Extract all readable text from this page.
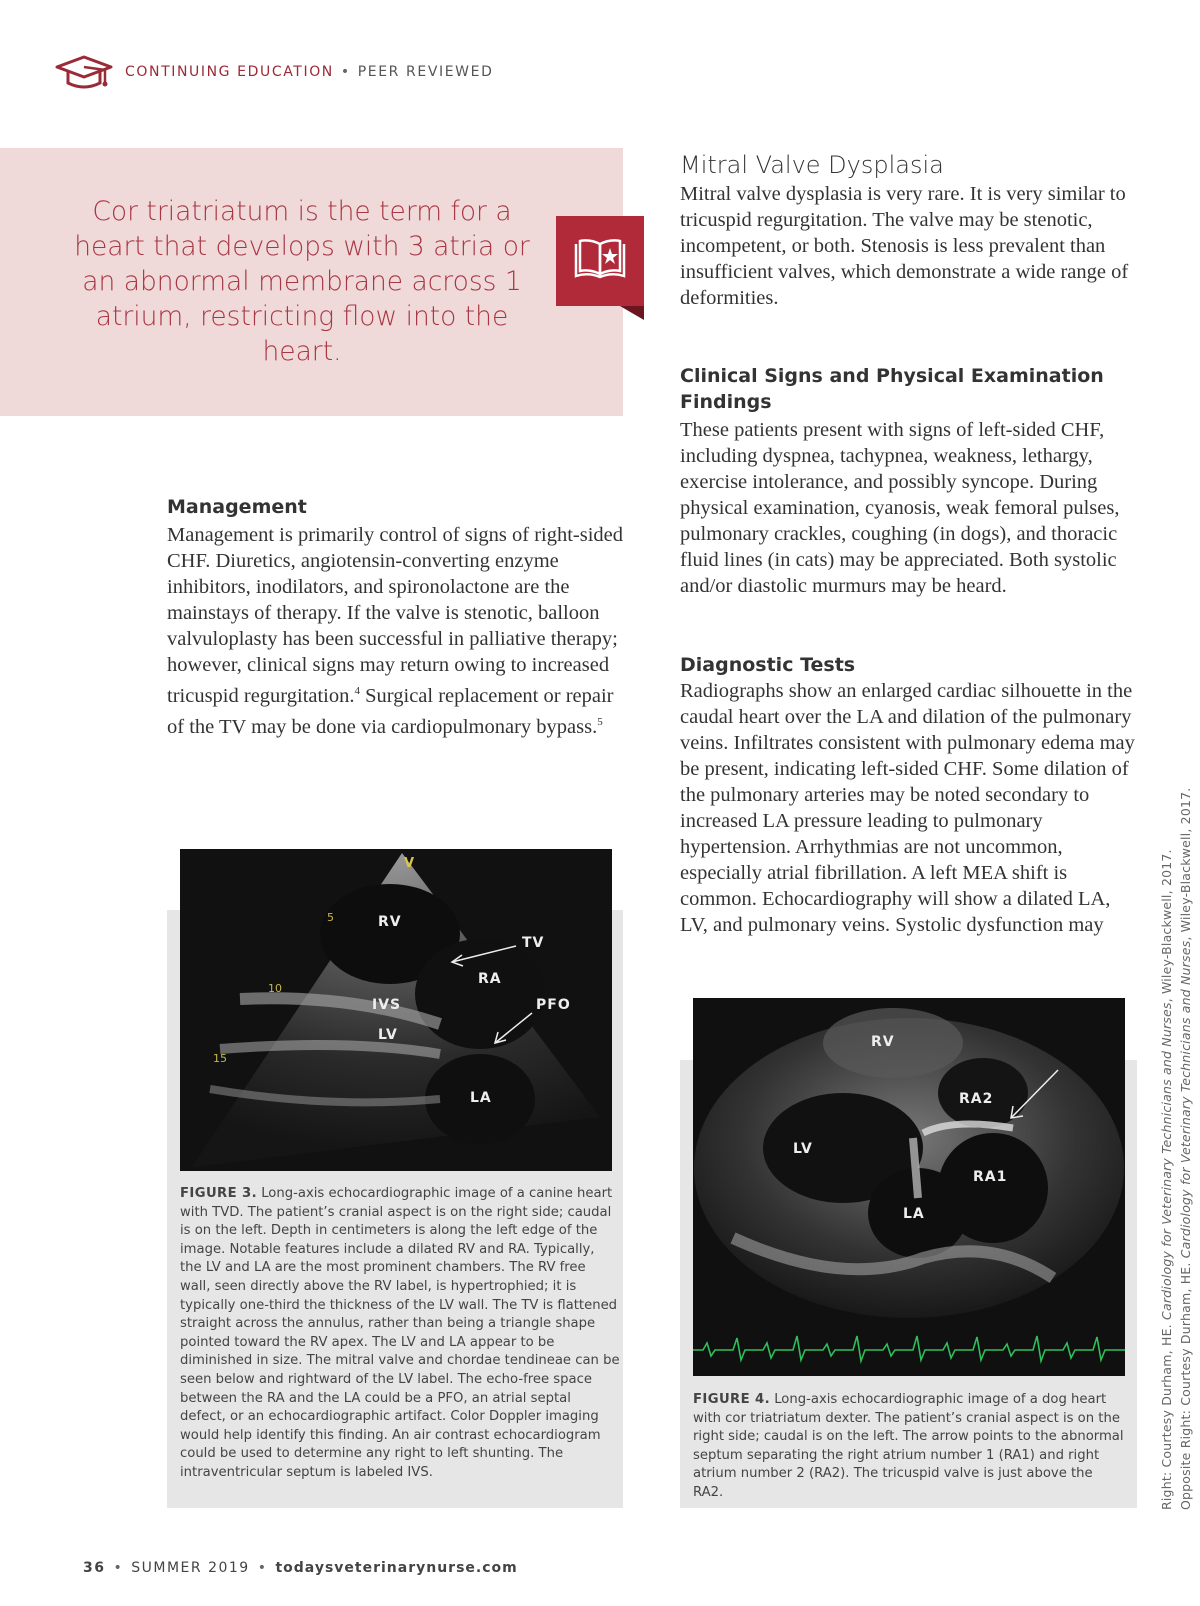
CONTINUING EDUCATION • PEER REVIEWED
Cor triatriatum is the term for a heart that develops with 3 atria or an abnormal membrane across 1 atrium, restricting flow into the heart.
Management
Management is primarily control of signs of right-sided CHF. Diuretics, angiotensin-converting enzyme inhibitors, inodilators, and spironolactone are the mainstays of therapy. If the valve is stenotic, balloon valvuloplasty has been successful in palliative therapy; however, clinical signs may return owing to increased tricuspid regurgitation.$^4$ Surgical replacement or repair of the TV may be done via cardiopulmonary bypass.$^5$
Mitral Valve Dysplasia
Mitral valve dysplasia is very rare. It is very similar to tricuspid regurgitation. The valve may be stenotic, incompetent, or both. Stenosis is less prevalent than insufficient valves, which demonstrate a wide range of deformities.
Clinical Signs and Physical Examination Findings
These patients present with signs of left-sided CHF, including dyspnea, tachypnea, weakness, lethargy, exercise intolerance, and possibly syncope. During physical examination, cyanosis, weak femoral pulses, pulmonary crackles, coughing (in dogs), and thoracic fluid lines (in cats) may be appreciated. Both systolic and/or diastolic murmurs may be heard.
Diagnostic Tests
Radiographs show an enlarged cardiac silhouette in the caudal heart over the LA and dilation of the pulmonary veins. Infiltrates consistent with pulmonary edema may be present, indicating left-sided CHF. Some dilation of the pulmonary arteries may be noted secondary to increased LA pressure leading to pulmonary hypertension. Arrhythmias are not uncommon, especially atrial fibrillation. A left MEA shift is common. Echocardiography will show a dilated LA, LV, and pulmonary veins. Systolic dysfunction may
V
5
10
15
RV
TV
RA
IVS	PFO
LV
LA
FIGURE 3. Long-axis echocardiographic image of a canine heart with TVD. The patient’s cranial aspect is on the right side; caudal is on the left. Depth in centimeters is along the left edge of the image. Notable features include a dilated RV and RA. Typically, the LV and LA are the most prominent chambers. The RV free wall, seen directly above the RV label, is hypertrophied; it is typically one-third the thickness of the LV wall. The TV is flattened straight across the annulus, rather than being a triangle shape pointed toward the RV apex. The LV and LA appear to be diminished in size. The mitral valve and chordae tendineae can be seen below and rightward of the LV label. The echo-free space between the RA and the LA could be a PFO, an atrial septal defect, or an echocardiographic artifact. Color Doppler imaging would help identify this finding. An air contrast echocardiogram could be used to determine any right to left shunting. The intraventricular septum is labeled IVS.
RV
RA2
LV
RA1
LA
FIGURE 4. Long-axis echocardiographic image of a dog heart with cor triatriatum dexter. The patient’s cranial aspect is on the right side; caudal is on the left. The arrow points to the abnormal septum separating the right atrium number 1 (RA1) and right atrium number 2 (RA2). The tricuspid valve is just above the RA2.	Right: Courtesy Durham, HE. Cardiology for Veterinary Technicians and Nurses, Wiley-Blackwell, 2017.
Opposite Right: Courtesy Durham, HE. Cardiology for Veterinary Technicians and Nurses, Wiley-Blackwell, 2017.
36 • SUMMER 2019 • todaysveterinarynurse.com
